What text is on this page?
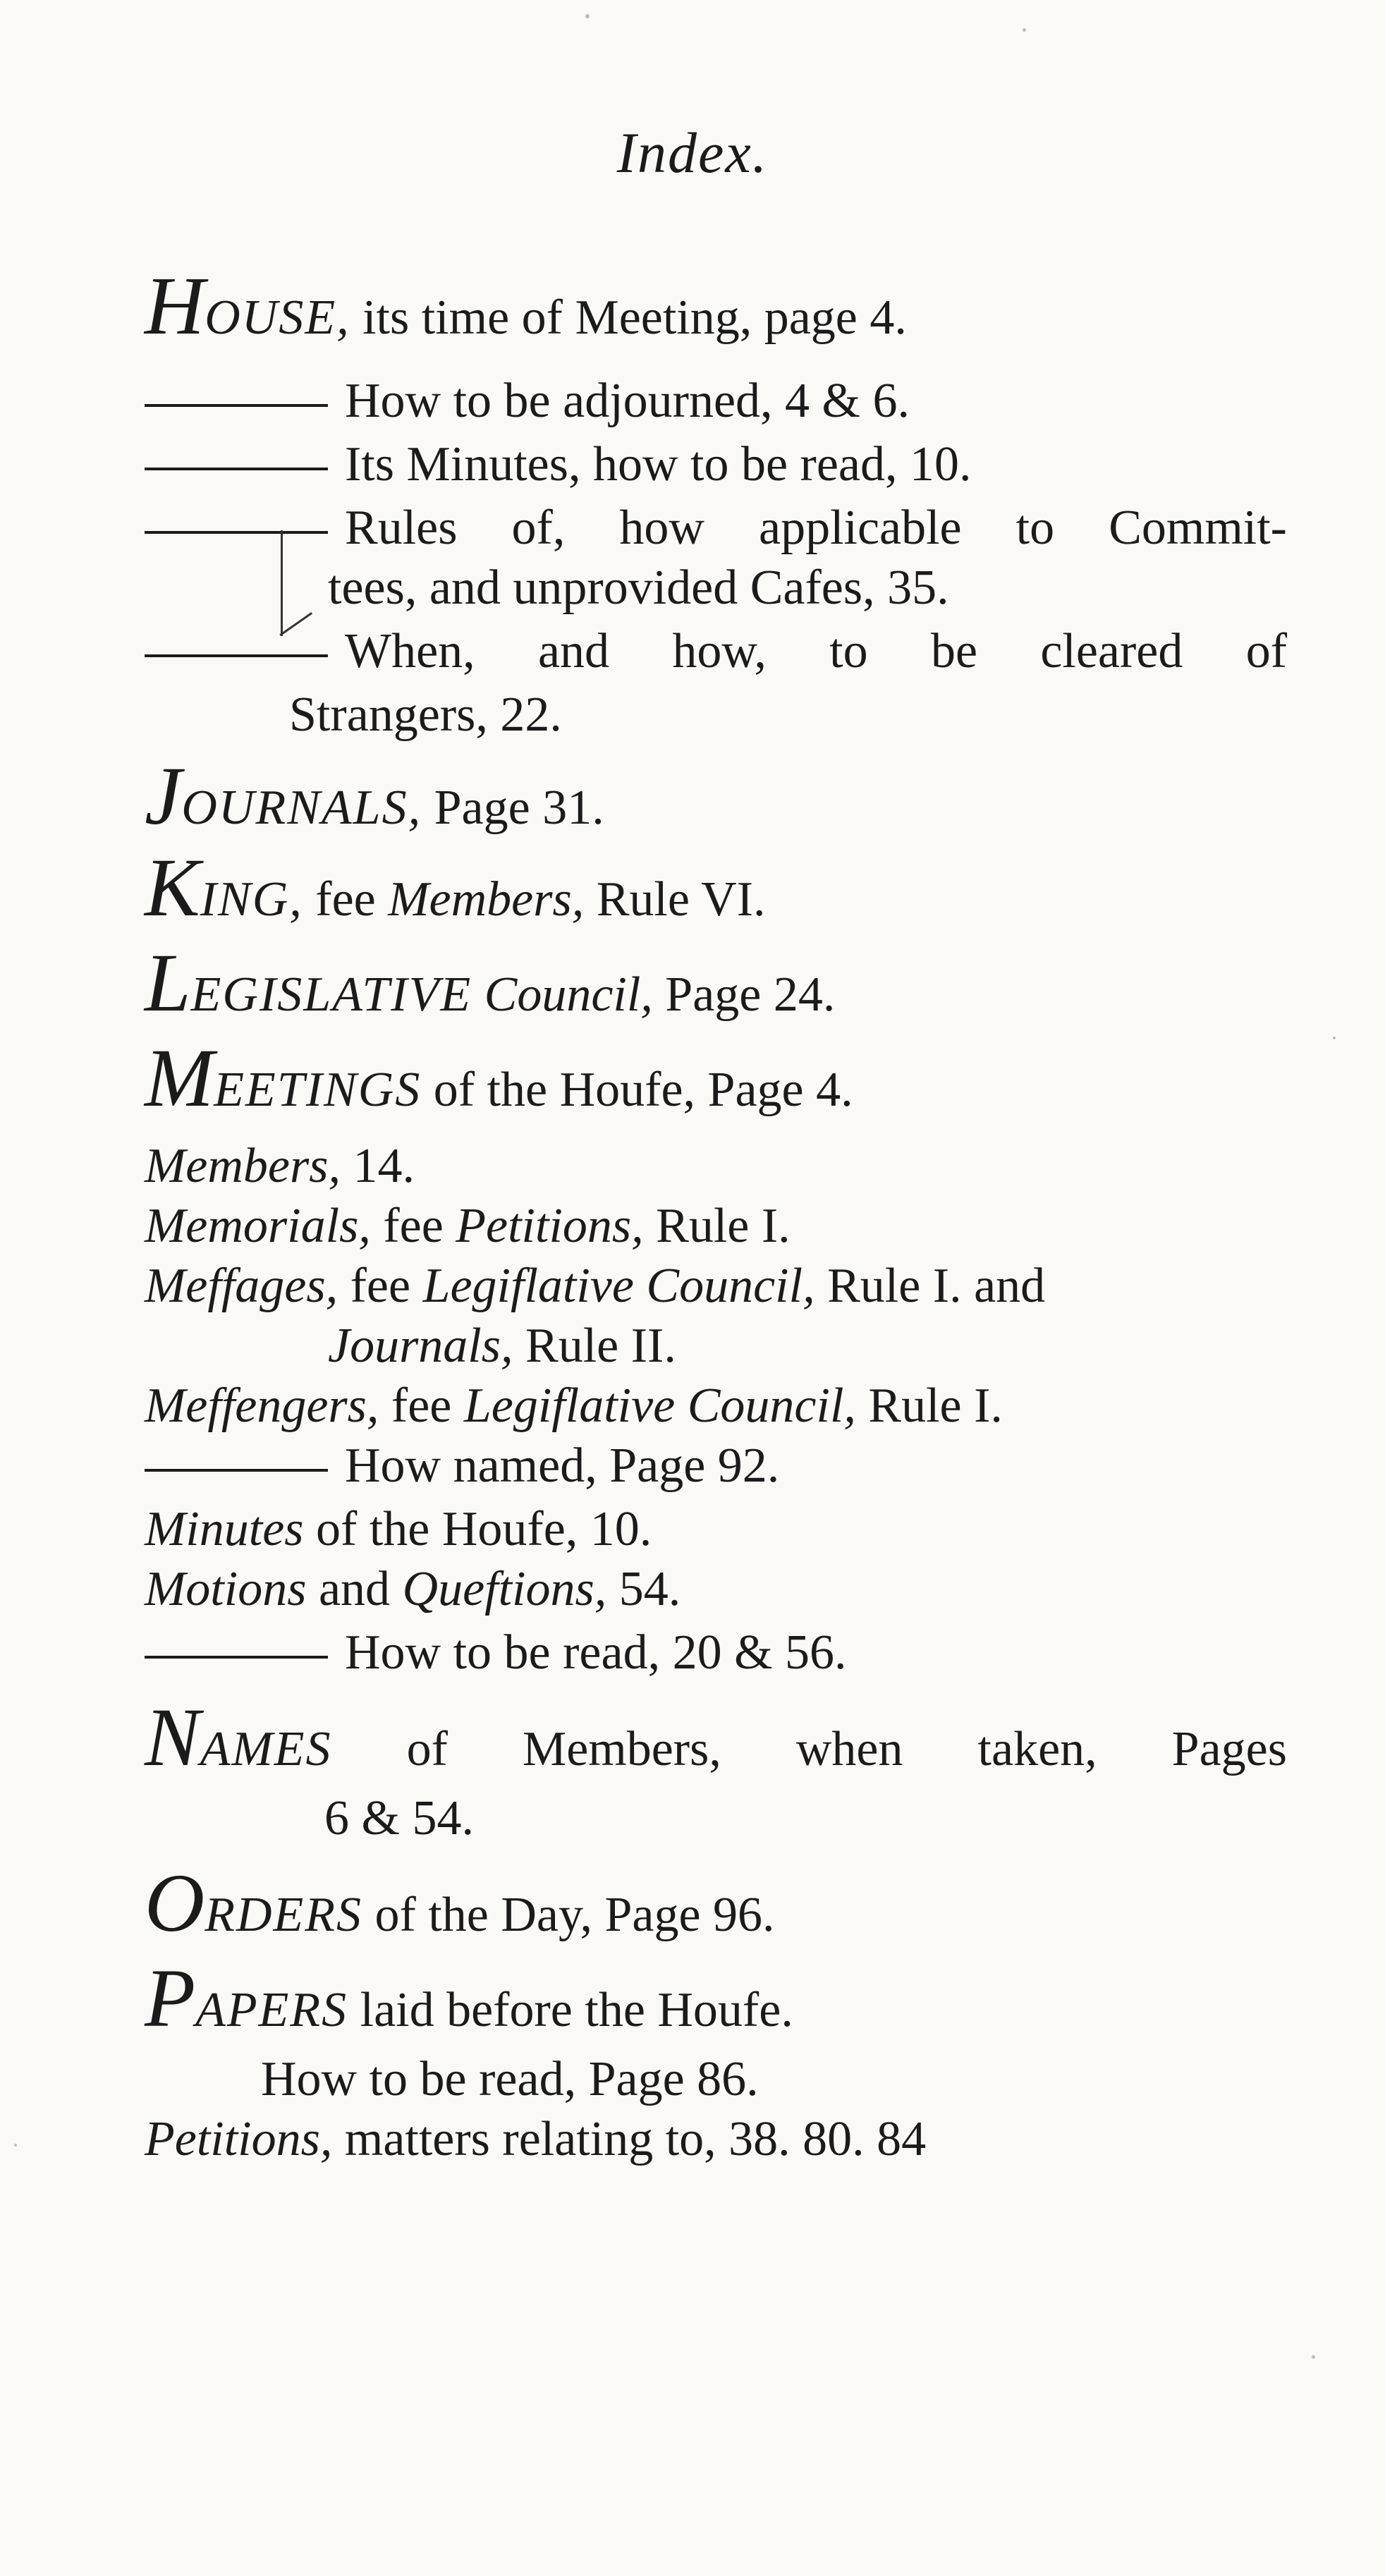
Index.
HOUSE, its time of Meeting, page 4.
How to be adjourned, 4 & 6.
Its Minutes, how to be read, 10.
Rules of, how applicable to Commit-
tees, and unprovided Cafes, 35.
When, and how, to be cleared of
Strangers, 22.
JOURNALS, Page 31.
KING, fee Members, Rule VI.
LEGISLATIVE Council, Page 24.
MEETINGS of the Houfe, Page 4.
Members, 14.
Memorials, fee Petitions, Rule I.
Meffages, fee Legiflative Council, Rule I. and
Journals, Rule II.
Meffengers, fee Legiflative Council, Rule I.
How named, Page 92.
Minutes of the Houfe, 10.
Motions and Queftions, 54.
How to be read, 20 & 56.
NAMES of Members, when taken, Pages
6 & 54.
ORDERS of the Day, Page 96.
PAPERS laid before the Houfe.
How to be read, Page 86.
Petitions, matters relating to, 38. 80. 84
